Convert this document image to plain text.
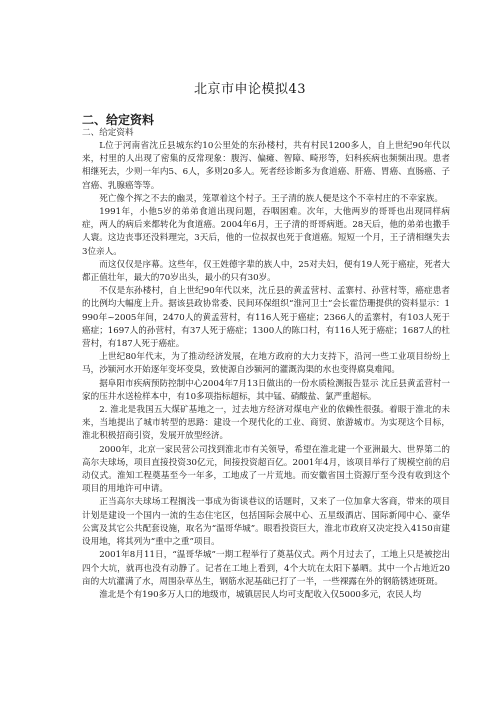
北京市申论模拟43
二、给定资料

二、给定资料

L位于河南省沈丘县城东约10公里处的东孙楼村，共有村民1200多人，自上世纪90年代以来，村里的人出现了密集的反常现象：腹泻、偏瘫、智障、畸形等，妇科疾病也频频出现。患者相继死去，少则一年内5、6人，多则20多人。死者经诊断多为食道癌、肝癌、胃癌、直肠癌、子宫癌、乳腺癌等等。

死亡像个挥之不去的幽灵，笼罩着这个村子。王子清的族人便是这个不幸村庄的不幸家族。

1991年，小他5岁的弟弟食道出现问题，吞咽困难。次年，大他两岁的哥哥也出现同样病症，两人的病后来都转化为食道癌。2004年6月，王子清的哥哥病逝。28天后，他的弟弟也撒手人寰。这边丧事还没料理完，3天后，他的一位叔叔也死于食道癌。短短一个月，王子清相继失去3位亲人。

而这仅仅是序幕。这些年，仅王姓德字辈的族人中，25对夫妇，便有19人死于癌症，死者大都正值壮年，最大的70岁出头，最小的只有30岁。

不仅是东孙楼村，自上世纪90年代以来，沈丘县的黄孟营村、孟寨村、孙营村等，癌症患者的比例均大幅度上升。据该县政协常委、民间环保组织“淮河卫士”会长霍岱珊提供的资料显示：1990年~2005年间，2470人的黄孟营村，有116人死于癌症；2366人的孟寨村，有103人死于癌症；1697人的孙营村，有37人死于癌症；1300人的陈口村，有116人死于癌症；1687人的杜营村，有187人死于癌症。

上世纪80年代末，为了推动经济发展，在地方政府的大力支持下，沿河一些工业项目纷纷上马，沙颍河水开始逐年变坏变臭，致使源自沙颍河的灌溉沟渠的水也变得腐臭难闻。

据阜阳市疾病预防控制中心2004年7月13日做出的一份水质检测报告显示 沈丘县黄孟营村一家的压井水送检样本中，有10多项指标超标，其中锰、硝酸盐、氯严重超标。

2. 淮北是我国五大煤矿基地之一，过去地方经济对煤电产业的依赖性很强。着眼于淮北的未来，当地提出了城市转型的思路：建设一个现代化的工业、商贸、旅游城市。为实现这个目标，淮北积极招商引资，发展开放型经济。

2000年，北京一家民营公司找到淮北市有关领导，希望在淮北建一个亚洲最大、世界第二的高尔夫球场，项目直接投资30亿元，间接投资超百亿。2001年4月，该项目举行了规模空前的启动仪式。淮知工程奠基至今一年多，工地成了一片荒地。而安徽省国土资源厅至今没有收到这个项目的用地许可申请。

正当高尔夫球场工程搁浅一事成为街谈巷议的话题时，又来了一位加拿大客商，带来的项目计划是建设一个国内一流的生态住宅区，包括国际会展中心、五星级酒店、国际新闻中心、豪华公寓及其它公共配套设施，取名为“温哥华城”。眼看投资巨大，淮北市政府又决定投入4150亩建设用地，将其列为“重中之重”项目。

2001年8月11日，“温哥华城”一期工程举行了奠基仪式。两个月过去了，工地上只是被挖出四个大坑，就再也没有动静了。记者在工地上看到，4个大坑在太阳下暴晒。其中一个占地近20亩的大坑灌满了水，周围杂草丛生，钢筋水泥基础已打了一半，一些裸露在外的钢筋锈迹斑斑。

淮北是个有190多万人口的地级市，城镇居民人均可支配收入仅5000多元，农民人均
